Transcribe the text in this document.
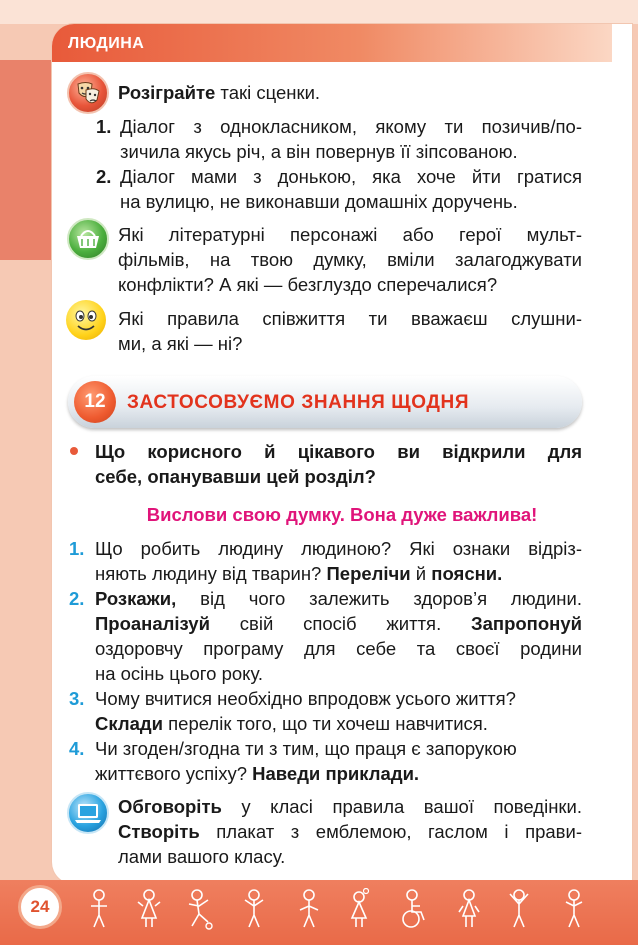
ЛЮДИНА
Розіграйте такі сценки.
1. Діалог з однокласником, якому ти позичив/по-
зичила якусь річ, а він повернув її зіпсованою.
2. Діалог мами з донькою, яка хоче йти гратися
на вулицю, не виконавши домашніх доручень.
Які літературні персонажі або герої мульт-
фільмів, на твою думку, вміли залагоджувати
конфлікти? А які — безглуздо сперечалися?
Які правила співжиття ти вважаєш слушни-
ми, а які — ні?
12	ЗАСТОСОВУЄМО ЗНАННЯ ЩОДНЯ
Що корисного й цікавого ви відкрили для
себе, опанувавши цей розділ?
Вислови свою думку. Вона дуже важлива!
1. Що робить людину людиною? Які ознаки відріз-
няють людину від тварин? Перелічи й поясни.
2. Розкажи, від чого залежить здоров’я людини.
Проаналізуй свій спосіб життя. Запропонуй
оздоровчу програму для себе та своєї родини
на осінь цього року.
3. Чому вчитися необхідно впродовж усього життя?
Склади перелік того, що ти хочеш навчитися.
4. Чи згоден/згодна ти з тим, що праця є запорукою
життєвого успіху? Наведи приклади.
Обговоріть у класі правила вашої поведінки.
Створіть плакат з емблемою, гаслом і прави-
лами вашого класу.
24
